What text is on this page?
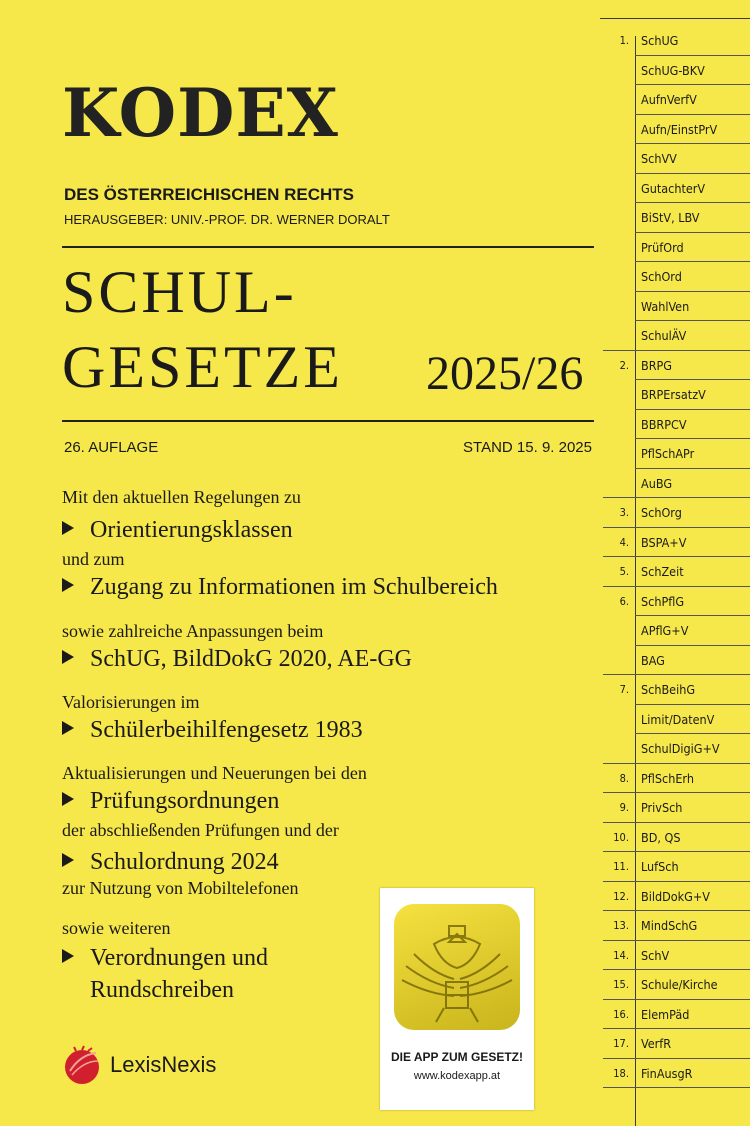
KODEX
DES ÖSTERREICHISCHEN RECHTS
HERAUSGEBER: UNIV.-PROF. DR. WERNER DORALT
SCHUL-
GESETZE 2025/26
26. AUFLAGE	STAND 15. 9. 2025
Mit den aktuellen Regelungen zu
Orientierungsklassen
und zum
Zugang zu Informationen im Schulbereich
sowie zahlreiche Anpassungen beim
SchUG, BildDokG 2020, AE-GG
Valorisierungen im
Schülerbeihilfengesetz 1983
Aktualisierungen und Neuerungen bei den
Prüfungsordnungen
der abschließenden Prüfungen und der
Schulordnung 2024
zur Nutzung von Mobiltelefonen
sowie weiteren
Verordnungen und
Rundschreiben
1. SchUG
SchUG-BKV
AufnVerfV
Aufn/EinstPrV
SchVV
GutachterV
BiStV, LBV
PrüfOrd
SchOrd
WahlVen
SchulÄV
2. BRPG
BRPErsatzV
BBRPCV
PflSchAPr
AuBG
3. SchOrg
4. BSPA+V
5. SchZeit
6. SchPflG
APflG+V
BAG
7. SchBeihG
Limit/DatenV
SchulDigiG+V
8. PflSchErh
9. PrivSch
10. BD, QS
11. LufSch
12. BildDokG+V
13. MindSchG
14. SchV
15. Schule/Kirche
16. ElemPäd
17. VerfR
18. FinAusgR
DIE APP ZUM GESETZ!
www.kodexapp.at
LexisNexis
